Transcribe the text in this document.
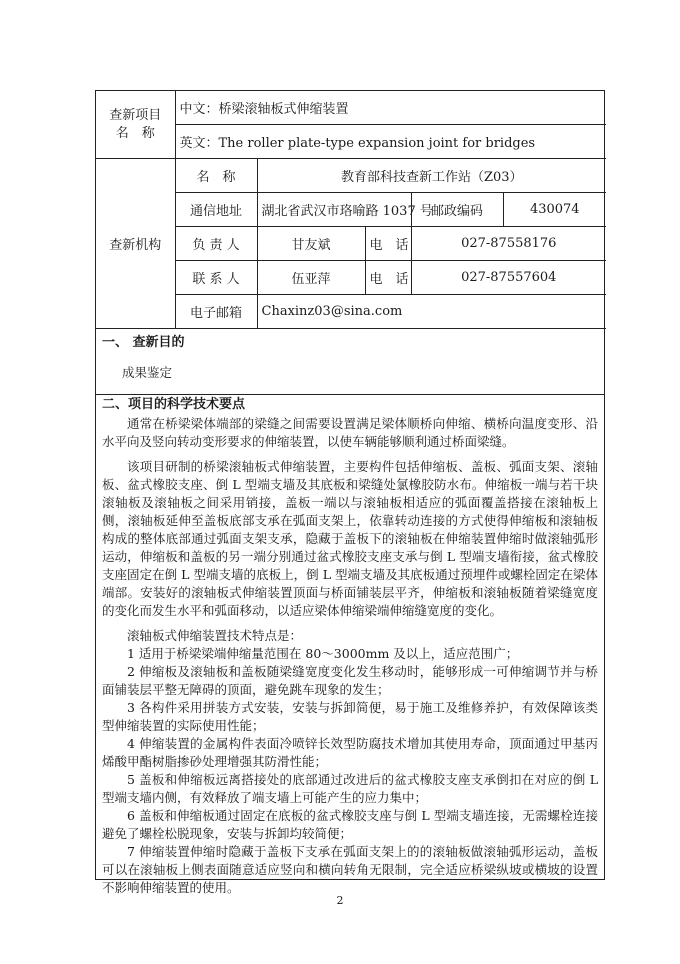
查新项目
名　称	中文：桥梁滚轴板式伸缩装置				
	英文：The roller plate-type expansion joint for bridges				
查新机构	名　称	教育部科技查新工作站（Z03）			
	通信地址	湖北省武汉市珞喻路 1037 号		邮政编码	430074
	负 责 人	甘友斌	电　话	027-87558176	
	联 系 人	伍亚萍	电　话	027-87557604	
	电子邮箱	Chaxinz03@sina.com			

一、 查新目的

成果鉴定

二、项目的科学技术要点

通常在桥梁梁体端部的梁缝之间需要设置满足梁体顺桥向伸缩、横桥向温度变形、沿水平向及竖向转动变形要求的伸缩装置，以使车辆能够顺利通过桥面梁缝。

该项目研制的桥梁滚轴板式伸缩装置，主要构件包括伸缩板、盖板、弧面支架、滚轴板、盆式橡胶支座、倒 L 型端支墙及其底板和梁缝处氯橡胶防水布。伸缩板一端与若干块滚轴板及滚轴板之间采用销接，盖板一端以与滚轴板相适应的弧面覆盖搭接在滚轴板上侧，滚轴板延伸至盖板底部支承在弧面支架上，依靠转动连接的方式使得伸缩板和滚轴板构成的整体底部通过弧面支架支承，隐藏于盖板下的滚轴板在伸缩装置伸缩时做滚轴弧形运动，伸缩板和盖板的另一端分别通过盆式橡胶支座支承与倒 L 型端支墙衔接，盆式橡胶支座固定在倒 L 型端支墙的底板上，倒 L 型端支墙及其底板通过预埋件或螺栓固定在梁体端部。安装好的滚轴板式伸缩装置顶面与桥面铺装层平齐，伸缩板和滚轴板随着梁缝宽度的变化而发生水平和弧面移动，以适应梁体伸缩梁端伸缩缝宽度的变化。

滚轴板式伸缩装置技术特点是：

1 适用于桥梁梁端伸缩量范围在 80～3000mm 及以上，适应范围广；

2 伸缩板及滚轴板和盖板随梁缝宽度变化发生移动时，能够形成一可伸缩调节并与桥面铺装层平整无障碍的顶面，避免跳车现象的发生；

3 各构件采用拼装方式安装，安装与拆卸简便，易于施工及维修养护，有效保障该类型伸缩装置的实际使用性能；

4 伸缩装置的金属构件表面冷喷锌长效型防腐技术增加其使用寿命，顶面通过甲基丙烯酸甲酯树脂掺砂处理增强其防滑性能；

5 盖板和伸缩板远离搭接处的底部通过改进后的盆式橡胶支座支承倒扣在对应的倒 L 型端支墙内侧，有效释放了端支墙上可能产生的应力集中；

6 盖板和伸缩板通过固定在底板的盆式橡胶支座与倒 L 型端支墙连接，无需螺栓连接避免了螺栓松脱现象，安装与拆卸均较简便；

7 伸缩装置伸缩时隐藏于盖板下支承在弧面支架上的的滚轴板做滚轴弧形运动，盖板可以在滚轴板上侧表面随意适应竖向和横向转角无限制，完全适应桥梁纵坡或横坡的设置不影响伸缩装置的使用。

2
